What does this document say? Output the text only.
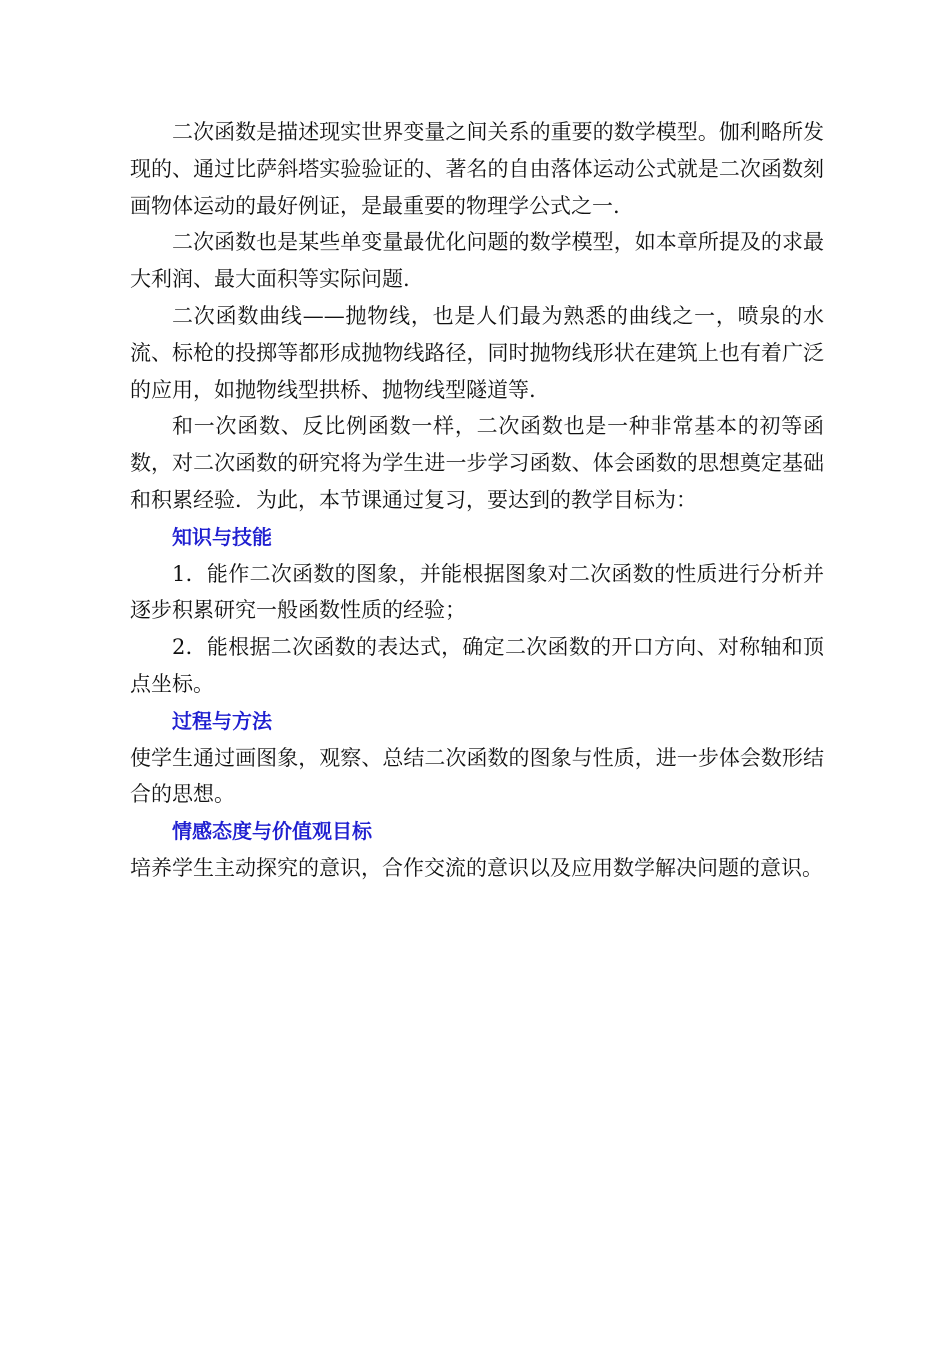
二次函数是描述现实世界变量之间关系的重要的数学模型。伽利略所发现的、通过比萨斜塔实验验证的、著名的自由落体运动公式就是二次函数刻画物体运动的最好例证，是最重要的物理学公式之一.

二次函数也是某些单变量最优化问题的数学模型，如本章所提及的求最大利润、最大面积等实际问题.

二次函数曲线——抛物线，也是人们最为熟悉的曲线之一，喷泉的水流、标枪的投掷等都形成抛物线路径，同时抛物线形状在建筑上也有着广泛的应用，如抛物线型拱桥、抛物线型隧道等.

和一次函数、反比例函数一样，二次函数也是一种非常基本的初等函数，对二次函数的研究将为学生进一步学习函数、体会函数的思想奠定基础和积累经验．为此，本节课通过复习，要达到的教学目标为：

知识与技能

1．能作二次函数的图象，并能根据图象对二次函数的性质进行分析并逐步积累研究一般函数性质的经验；

2．能根据二次函数的表达式，确定二次函数的开口方向、对称轴和顶点坐标。

过程与方法

使学生通过画图象，观察、总结二次函数的图象与性质，进一步体会数形结合的思想。

情感态度与价值观目标

培养学生主动探究的意识，合作交流的意识以及应用数学解决问题的意识。
